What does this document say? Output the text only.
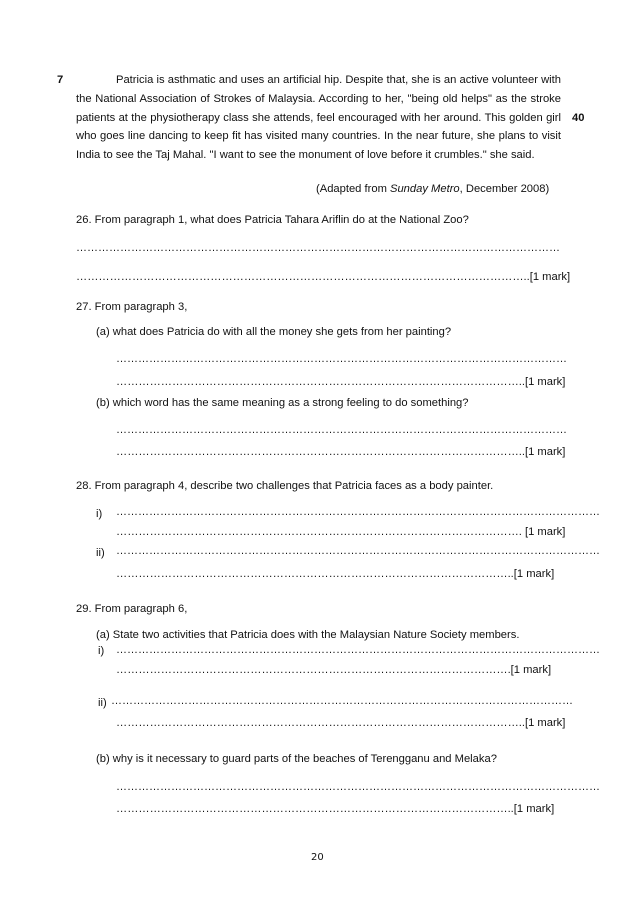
7
40
Patricia is asthmatic and uses an artificial hip. Despite that, she is an active volunteer with the National Association of Strokes of Malaysia. According to her, "being old helps" as the stroke patients at the physiotherapy class she attends, feel encouraged with her around. This golden girl who goes line dancing to keep fit has visited many countries. In the near future, she plans to visit India to see the Taj Mahal. "I want to see the monument of love before it crumbles." she said.
(Adapted from Sunday Metro, December 2008)
26. From paragraph 1, what does Patricia Tahara Ariflin do at the National Zoo?
……………………………………………………………………………………………………………………
…………………………………………………………………………………………………………..[1 mark]
27. From paragraph 3,
(a) what does Patricia do with all the money she gets from her painting?
……………………………………………………………………………………………………………
………………………………………………………………………………………………..[1 mark]
(b) which word has the same meaning as a strong feeling to do something?
……………………………………………………………………………………………………………
………………………………………………………………………………………………..[1 mark]
28. From paragraph 4, describe two challenges that Patricia faces as a body painter.
i) ……………………………………………………………………………………………………………………
………………………………………………………………………………………………. [1 mark]
ii) ……………………………………………………………………………………………………………………
……………………………………………………………………………………………..[1 mark]
29. From paragraph 6,
(a) State two activities that Patricia does with the Malaysian Nature Society members.
i) ……………………………………………………………………………………………………………………
…………………………………………………………………………………………….[1 mark]
ii) ………………………………………………………………………………………………………………
………………………………………………………………………………………………..[1 mark]
(b) why is it necessary to guard parts of the beaches of Terengganu and Melaka?
……………………………………………………………………………………………………………………
……………………………………………………………………………………………..[1 mark]
20
